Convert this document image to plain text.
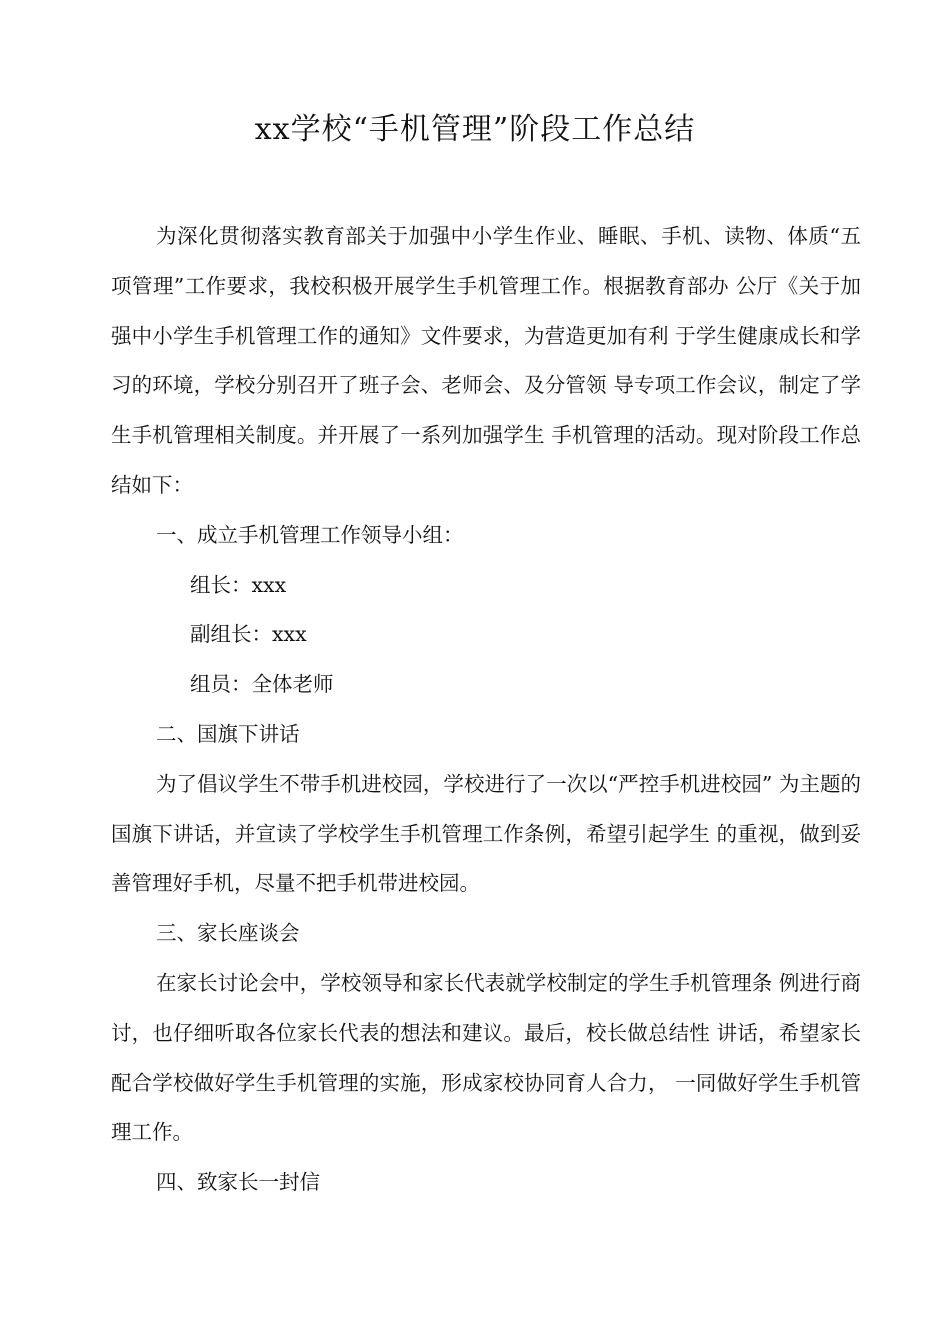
xx学校“手机管理”阶段工作总结

为深化贯彻落实教育部关于加强中小学生作业、睡眠、手机、读物、体质“五项管理”工作要求，我校积极开展学生手机管理工作。根据教育部办 公厅《关于加强中小学生手机管理工作的通知》文件要求，为营造更加有利 于学生健康成长和学习的环境，学校分别召开了班子会、老师会、及分管领 导专项工作会议，制定了学生手机管理相关制度。并开展了一系列加强学生 手机管理的活动。现对阶段工作总结如下：

一、成立手机管理工作领导小组：

组长：xxx

副组长：xxx

组员：全体老师

二、国旗下讲话

为了倡议学生不带手机进校园，学校进行了一次以“严控手机进校园” 为主题的国旗下讲话，并宣读了学校学生手机管理工作条例，希望引起学生 的重视，做到妥善管理好手机，尽量不把手机带进校园。

三、家长座谈会

在家长讨论会中，学校领导和家长代表就学校制定的学生手机管理条 例进行商讨，也仔细听取各位家长代表的想法和建议。最后，校长做总结性 讲话，希望家长配合学校做好学生手机管理的实施，形成家校协同育人合力， 一同做好学生手机管理工作。

四、致家长一封信
